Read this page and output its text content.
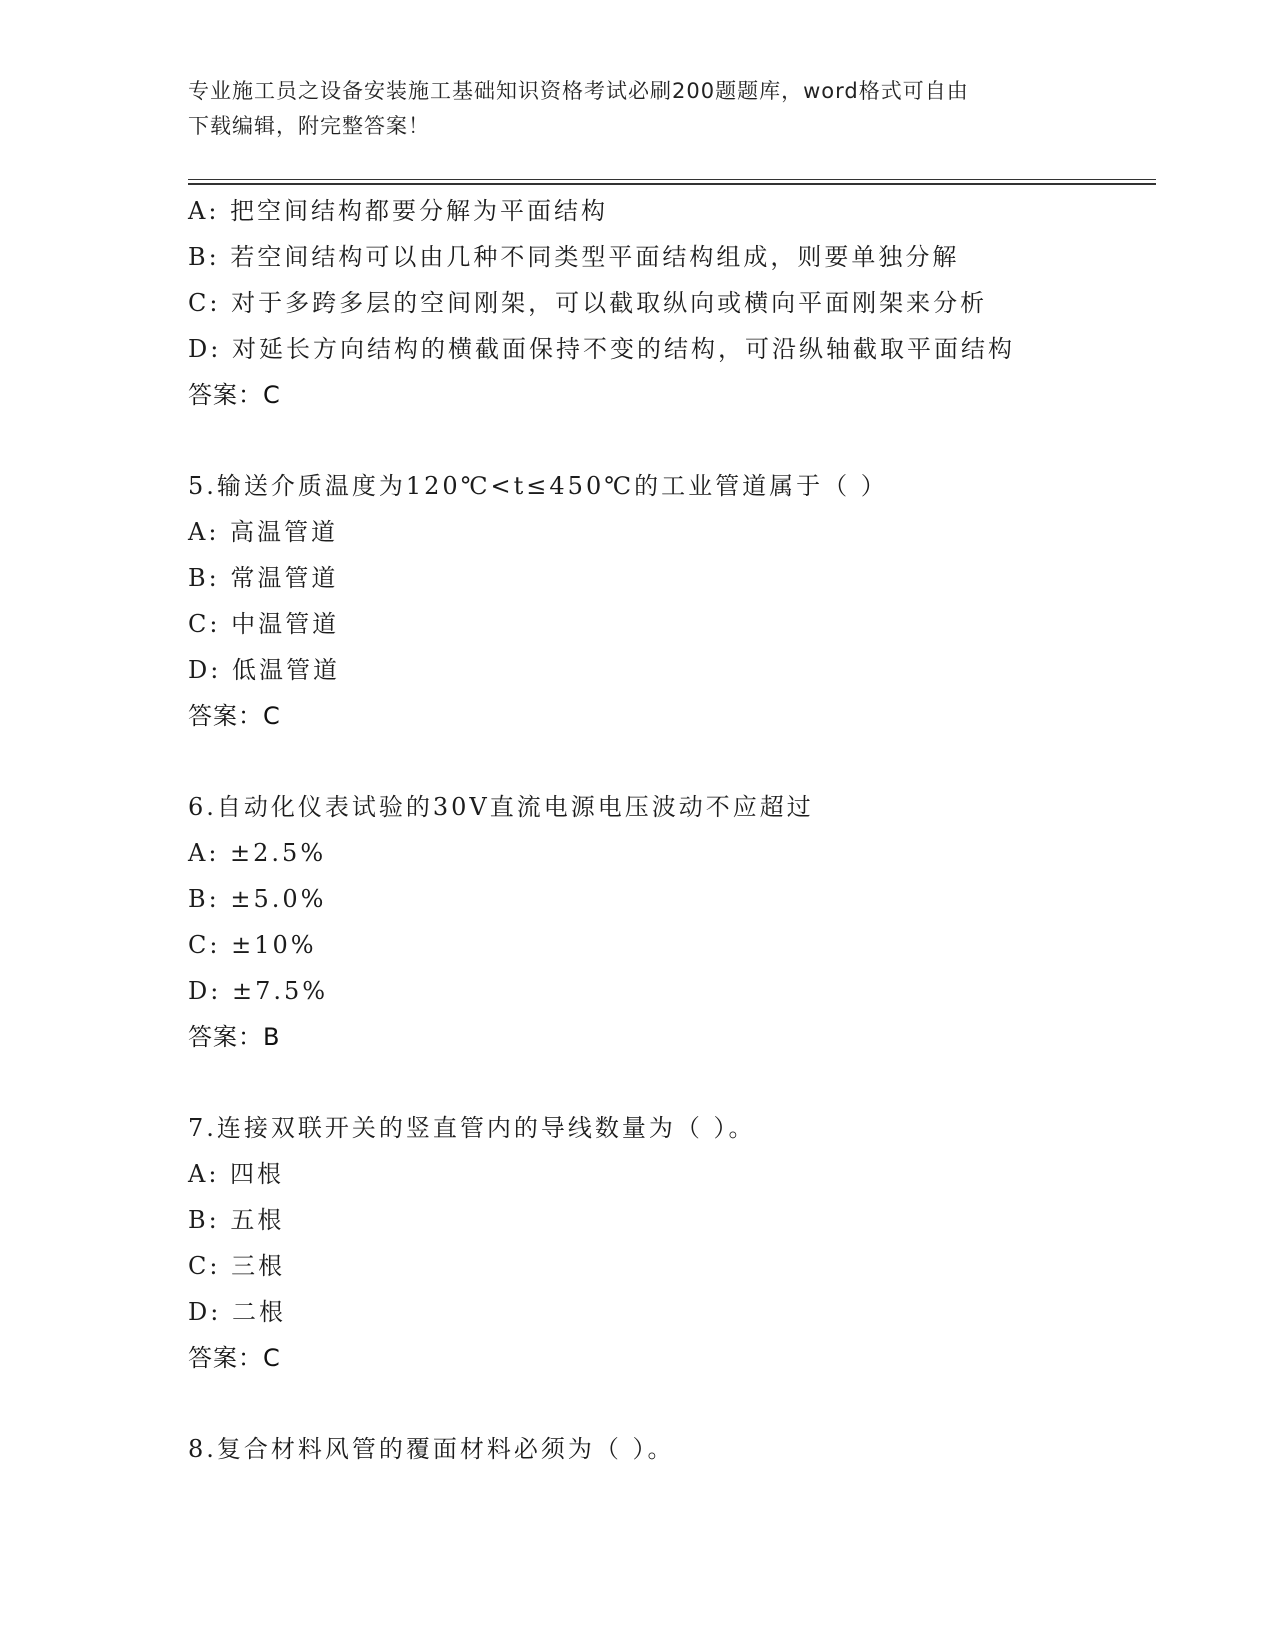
专业施工员之设备安装施工基础知识资格考试必刷200题题库，word格式可自由
下载编辑，附完整答案！
A: 把空间结构都要分解为平面结构
B: 若空间结构可以由几种不同类型平面结构组成，则要单独分解
C: 对于多跨多层的空间刚架，可以截取纵向或横向平面刚架来分析
D: 对延长方向结构的横截面保持不变的结构，可沿纵轴截取平面结构
答案：C
5.输送介质温度为120℃<t≤450℃的工业管道属于（ ）
A: 高温管道
B: 常温管道
C: 中温管道
D: 低温管道
答案：C
6.自动化仪表试验的30V直流电源电压波动不应超过
A: ±2.5%
B: ±5.0%
C: ±10%
D: ±7.5%
答案：B
7.连接双联开关的竖直管内的导线数量为（ ）。
A: 四根
B: 五根
C: 三根
D: 二根
答案：C
8.复合材料风管的覆面材料必须为（ ）。
